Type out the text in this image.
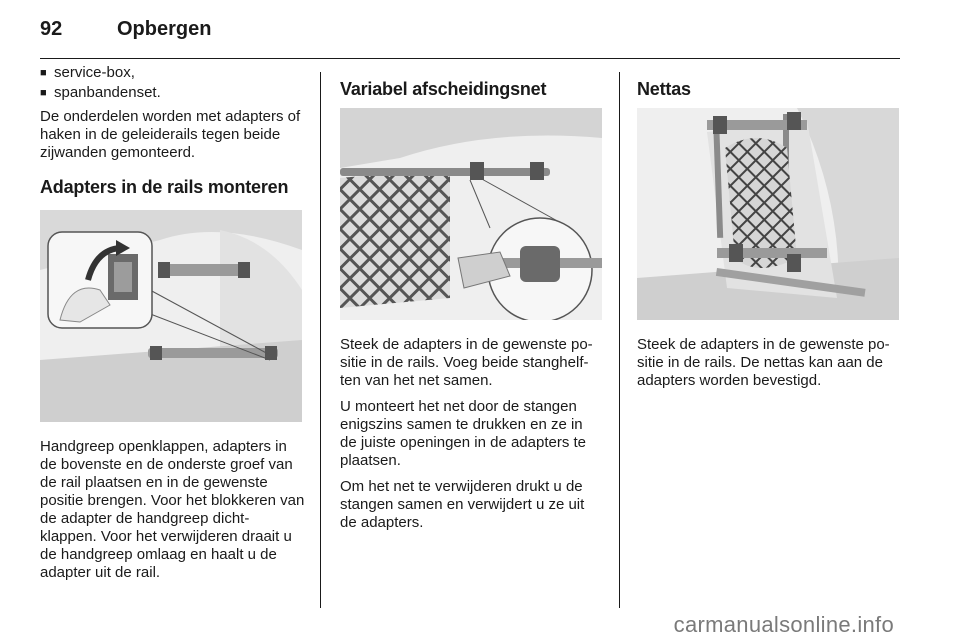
92	Opbergen
■ service-box,
■ spanbandenset.

De onderdelen worden met adapters of haken in de geleiderails tegen beide zijwanden gemonteerd.

Adapters in de rails monteren

Handgreep openklappen, adapters in de bovenste en de onderste groef van de rail plaatsen en in de gewenste positie brengen. Voor het blokkeren van de adapter de handgreep dicht- klappen. Voor het verwijderen draait u de handgreep omlaag en haalt u de adapter uit de rail.

Variabel afscheidingsnet

Steek de adapters in de gewenste po- sitie in de rails. Voeg beide stanghelf- ten van het net samen.

U monteert het net door de stangen enigszins samen te drukken en ze in de juiste openingen in de adapters te plaatsen.

Om het net te verwijderen drukt u de stangen samen en verwijdert u ze uit de adapters.

Nettas

Steek de adapters in de gewenste po- sitie in de rails. De nettas kan aan de adapters worden bevestigd.

carmanualsonline.info
